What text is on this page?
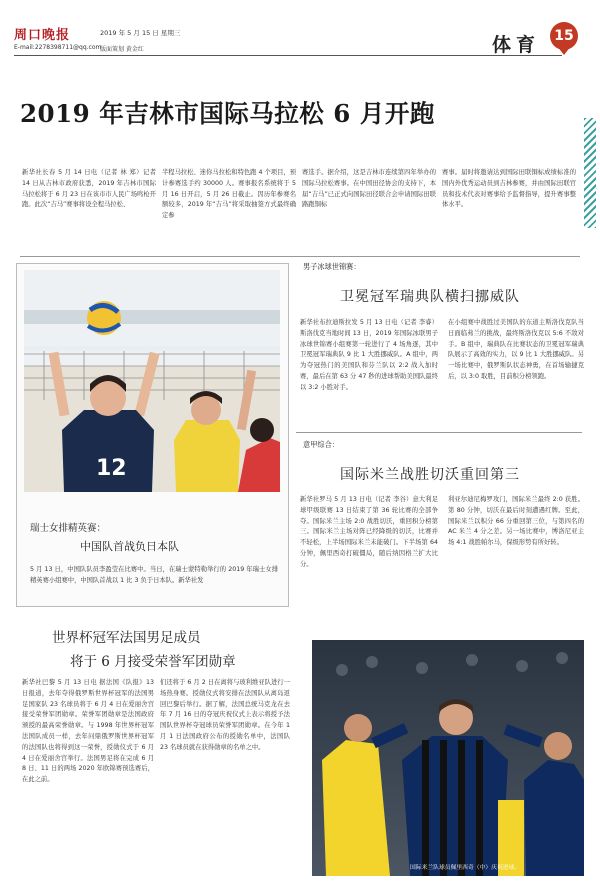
周口晚报	2019 年 5 月 15 日 星期三
E-mail:2278398711@qq.com
版面策划 黄金红	体育	15
2019 年吉林市国际马拉松 6 月开跑
新华社长春 5 月 14 日电（记者 林 郑）记者 14 日从吉林市政府获悉，2019 年吉林市国际马拉松将于 6 月 23 日在该市市人民广场鸣枪开跑。此次“吉马”赛事将设全程马拉松、
半程马拉松、迷你马拉松和特色跑 4 个项目，预计参赛选手约 30000 人。赛事报名系统将于 5 月 16 日开启，5 月 26 日截止。因历年参赛名额较多，2019 年“吉马”将采取抽签方式最终确定参
赛选手。据介绍，这是吉林市连续第四年举办的国际马拉松赛事。在中国田径协会的支持下，本届“吉马”已正式向国际田径联合会申请国际田联路跑铜标
赛事。届时将邀请达到国际田联铜标成绩标准的国内外优秀运动员到吉林参赛，并由国际田联官员和技术代表对赛事给予监督指导，提升赛事整体水平。
12
瑞士女排精英赛：
中国队首战负日本队
5 月 13 日，中国队队员李盈莹在比赛中。当日，在瑞士蒙特勒举行的 2019 年瑞士女排精英赛小组赛中，中国队首战以 1 比 3 负于日本队。新华社发
男子冰球世锦赛：
卫冕冠军瑞典队横扫挪威队
新华社布拉迪斯拉发 5 月 13 日电（记者 李睿）斯洛伐克当地时间 13 日，2019 年国际冰联男子冰球世锦赛小组赛第一轮进行了 4 场角逐，其中卫冕冠军瑞典队 9 比 1 大胜挪威队。A 组中，两为夺冠热门的美国队和芬兰队以 2:2 战入加时赛，最后在第 63 分 47 秒的进球帮助美国队最终以 3:2 小胜对手。
在小组赛中战胜过美国队的东道主斯洛伐克队当日面临弗兰的挑战，最终斯洛伐克以 5:6 不敌对手。B 组中，瑞典队在比赛状态的卫冕冠军瑞典队展示了高效的实力，以 9 比 1 大胜挪威队。另一场比赛中，俄罗斯队状态神勇，在首场输捷克后，以 3:0 取胜，目前积分榜领跑。
意甲综合：
国际米兰战胜切沃重回第三
新华社罗马 5 月 13 日电（记者 李谷）意大利足球甲级联赛 13 日结束了第 36 轮比赛的全部争夺。国际米兰主场 2:0 战胜切沃，重回积分榜第三。国际米兰主场对阵已经降级的切沃，比赛并不轻松，上半场国际米兰未能破门。下半场第 64 分钟，佩里西奇打破僵局，随后纳因格兰扩大比分。
利亚尔迪尼梅罗攻门，国际米兰最终 2:0 获胜。第 80 分钟，切沃在最后时刻遭遇红牌。至此，国际米兰以积分 66 分重回第三位，与第四名的 AC 米兰 4 分之差。另一场比赛中，博洛尼亚主场 4:1 战胜帕尔马，保级形势有所好转。
世界杯冠军法国男足成员
将于 6 月接受荣誉军团勋章
新华社巴黎 5 月 13 日电 据法国《队报》13 日报道，去年夺得俄罗斯世界杯冠军的法国男足国家队 23 名球员将于 6 月 4 日在爱丽舍宫接受荣誉军团勋章。荣誉军团勋章是法国政府颁授的最高荣誉勋章。与 1998 年世界杯冠军法国队成员一样，去年问鼎俄罗斯世界杯冠军的法国队也将得到这一荣誉，授勋仪式于 6 月 4 日在爱丽舍宫举行。法国男足将在完成 6 月 8 日、11 日的两场 2020 年欧锦赛预选赛后，在此之前。
们还将于 6 月 2 日在离将与玻利维亚队进行一场热身赛。授勋仪式将安排在法国队从离岛返回巴黎后举行。据了解，法国总统马克龙在去年 7 月 16 日的夺冠庆祝仪式上表示将授予法国队世界杯夺冠球员荣誉军团勋章。在今年 1 月 1 日法国政府公布的授勋名单中，法国队 23 名球员就在获得勋章的名单之中。
国际米兰队球员佩里西奇（中）庆祝进球。
